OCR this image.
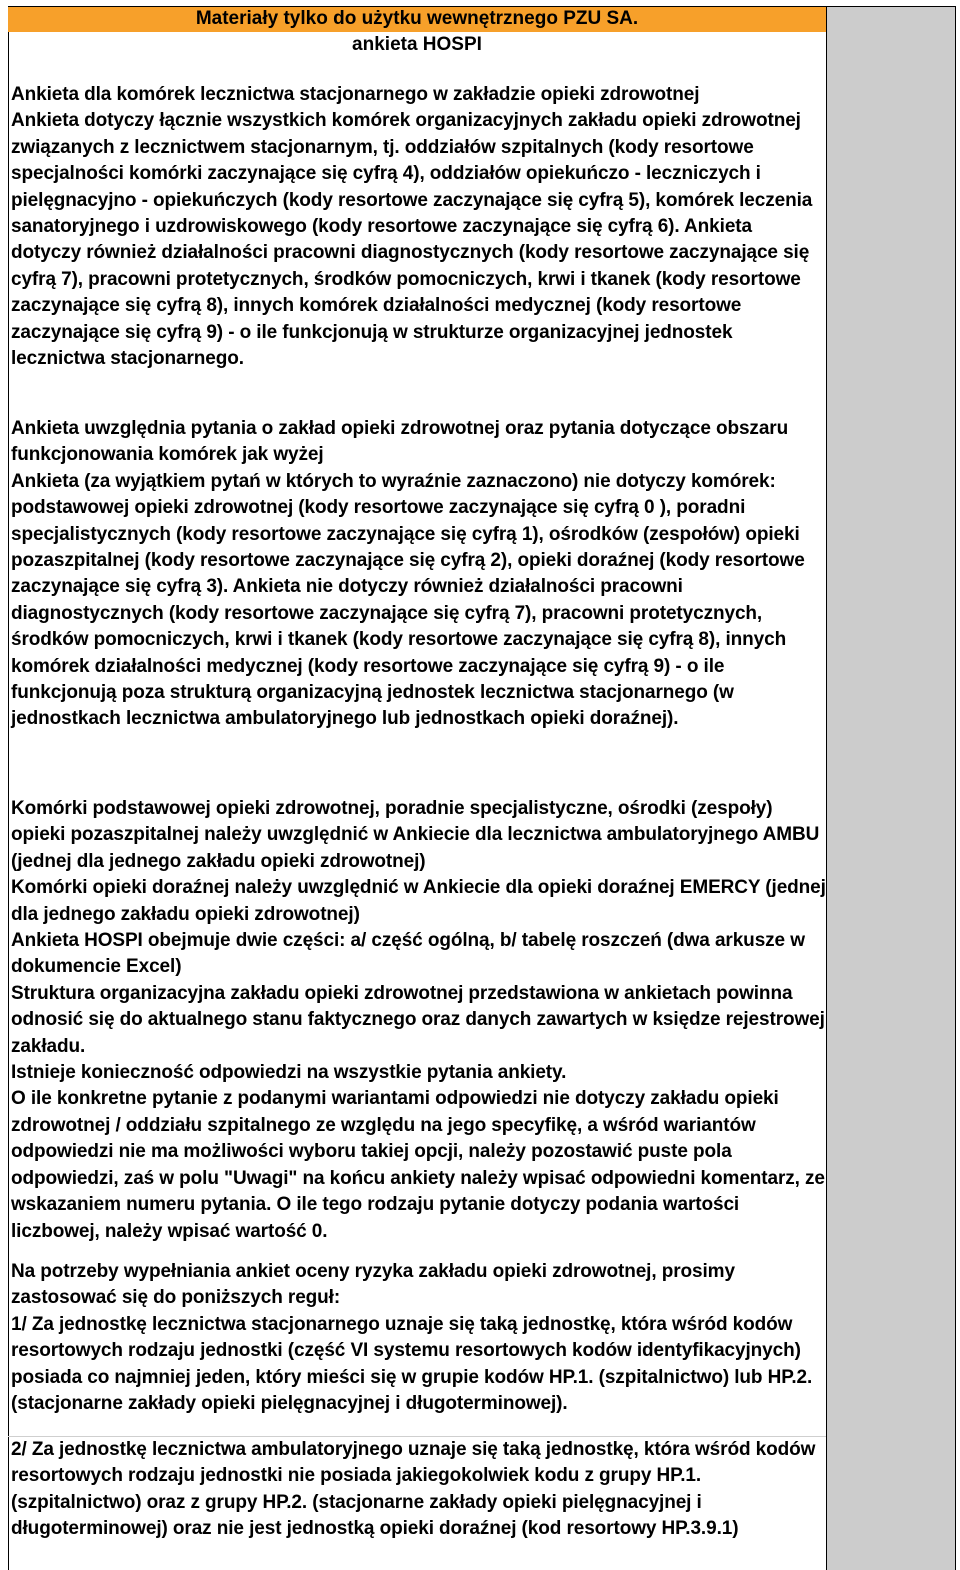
Materiały tylko do użytku wewnętrznego PZU SA.
ankieta HOSPI

Ankieta dla komórek lecznictwa stacjonarnego w zakładzie opieki zdrowotnej

Ankieta dotyczy łącznie wszystkich komórek organizacyjnych zakładu opieki zdrowotnej związanych z lecznictwem stacjonarnym, tj. oddziałów szpitalnych (kody resortowe specjalności komórki zaczynające się cyfrą 4), oddziałów opiekuńczo - leczniczych i pielęgnacyjno - opiekuńczych (kody resortowe zaczynające się cyfrą 5), komórek leczenia sanatoryjnego i uzdrowiskowego (kody resortowe zaczynające się cyfrą 6). Ankieta dotyczy również działalności pracowni diagnostycznych (kody resortowe zaczynające się cyfrą 7), pracowni protetycznych, środków pomocniczych, krwi i tkanek (kody resortowe zaczynające się cyfrą 8), innych komórek działalności medycznej (kody resortowe zaczynające się cyfrą 9) - o ile funkcjonują w strukturze organizacyjnej jednostek lecznictwa stacjonarnego.

Ankieta uwzględnia pytania o zakład opieki zdrowotnej oraz pytania dotyczące obszaru funkcjonowania komórek jak wyżej

Ankieta (za wyjątkiem pytań w których to wyraźnie zaznaczono) nie dotyczy komórek: podstawowej opieki zdrowotnej (kody resortowe zaczynające się cyfrą 0 ), poradni specjalistycznych (kody resortowe zaczynające się cyfrą 1), ośrodków (zespołów) opieki pozaszpitalnej (kody resortowe zaczynające się cyfrą 2), opieki doraźnej (kody resortowe zaczynające się cyfrą 3). Ankieta nie dotyczy również działalności pracowni diagnostycznych (kody resortowe zaczynające się cyfrą 7), pracowni protetycznych, środków pomocniczych, krwi i tkanek (kody resortowe zaczynające się cyfrą 8), innych komórek działalności medycznej (kody resortowe zaczynające się cyfrą 9) - o ile funkcjonują poza strukturą organizacyjną jednostek lecznictwa stacjonarnego (w jednostkach lecznictwa ambulatoryjnego lub jednostkach opieki doraźnej).

Komórki podstawowej opieki zdrowotnej, poradnie specjalistyczne, ośrodki (zespoły) opieki pozaszpitalnej należy uwzględnić w Ankiecie dla lecznictwa ambulatoryjnego AMBU (jednej dla jednego zakładu opieki zdrowotnej)

Komórki opieki doraźnej należy uwzględnić w Ankiecie dla opieki doraźnej EMERCY (jednej dla jednego zakładu opieki zdrowotnej)

Ankieta HOSPI obejmuje dwie części: a/ część ogólną, b/ tabelę roszczeń (dwa arkusze w dokumencie Excel)

Struktura organizacyjna zakładu opieki zdrowotnej przedstawiona w ankietach powinna odnosić się do aktualnego stanu faktycznego oraz danych zawartych w księdze rejestrowej zakładu.

Istnieje konieczność odpowiedzi na wszystkie pytania ankiety.

O ile konkretne pytanie z podanymi wariantami odpowiedzi nie dotyczy zakładu opieki zdrowotnej / oddziału szpitalnego ze względu na jego specyfikę, a wśród wariantów odpowiedzi nie ma możliwości wyboru takiej opcji, należy pozostawić puste pola odpowiedzi, zaś w polu "Uwagi" na końcu ankiety należy wpisać odpowiedni komentarz, ze wskazaniem numeru pytania. O ile tego rodzaju pytanie dotyczy podania wartości liczbowej, należy wpisać wartość 0.

Na potrzeby wypełniania ankiet oceny ryzyka zakładu opieki zdrowotnej, prosimy zastosować się do poniższych reguł:

1/ Za jednostkę lecznictwa stacjonarnego uznaje się taką jednostkę, która wśród kodów resortowych rodzaju jednostki (część VI systemu resortowych kodów identyfikacyjnych) posiada co najmniej jeden, który mieści się w grupie kodów HP.1. (szpitalnictwo) lub HP.2. (stacjonarne zakłady opieki pielęgnacyjnej i długoterminowej).

2/ Za jednostkę lecznictwa ambulatoryjnego uznaje się taką jednostkę, która wśród kodów resortowych rodzaju jednostki nie posiada jakiegokolwiek kodu z grupy HP.1. (szpitalnictwo) oraz z grupy HP.2. (stacjonarne zakłady opieki pielęgnacyjnej i długoterminowej) oraz nie jest jednostką opieki doraźnej (kod resortowy HP.3.9.1)
